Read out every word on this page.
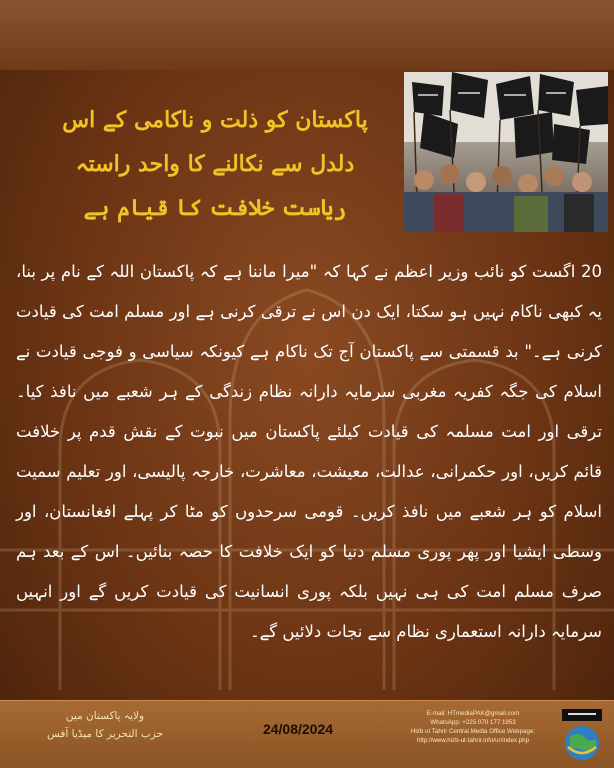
پاکستان کو ذلت و ناکامی کے اس
دلدل سے نکالنے کا واحد راستہ
ریاست خلافت کا قیام ہے
20 اگست کو نائب وزیر اعظم نے کہا کہ "میرا ماننا ہے کہ پاکستان اللہ کے نام پر بنا، یہ کبھی ناکام نہیں ہو سکتا، ایک دن اس نے ترقی کرنی ہے اور مسلم امت کی قیادت کرنی ہے۔" بد قسمتی سے پاکستان آج تک ناکام ہے کیونکہ سیاسی و فوجی قیادت نے اسلام کی جگہ کفریہ مغربی سرمایہ دارانہ نظام زندگی کے ہر شعبے میں نافذ کیا۔ ترقی اور امت مسلمہ کی قیادت کیلئے پاکستان میں نبوت کے نقش قدم پر خلافت قائم کریں، اور حکمرانی، عدالت، معیشت، معاشرت، خارجہ پالیسی، اور تعلیم سمیت اسلام کو ہر شعبے میں نافذ کریں۔ قومی سرحدوں کو مٹا کر پہلے افغانستان، اور وسطی ایشیا اور پھر پوری مسلم دنیا کو ایک خلافت کا حصہ بنائیں۔ اس کے بعد ہم صرف مسلم امت کی ہی نہیں بلکہ پوری انسانیت کی قیادت کریں گے اور انہیں سرمایہ دارانہ استعماری نظام سے نجات دلائیں گے۔
ولایہ پاکستان میں
حزب التحریر کا میڈیا آفس	24/08/2024
E-mail: HTmediaPAK@gmail.com
WhatsApp: +225 070 177 1953
Hizb ut Tahrir Central Media Office Webpage:
http://www.hizb-ut-tahrir.info/ur/index.php
